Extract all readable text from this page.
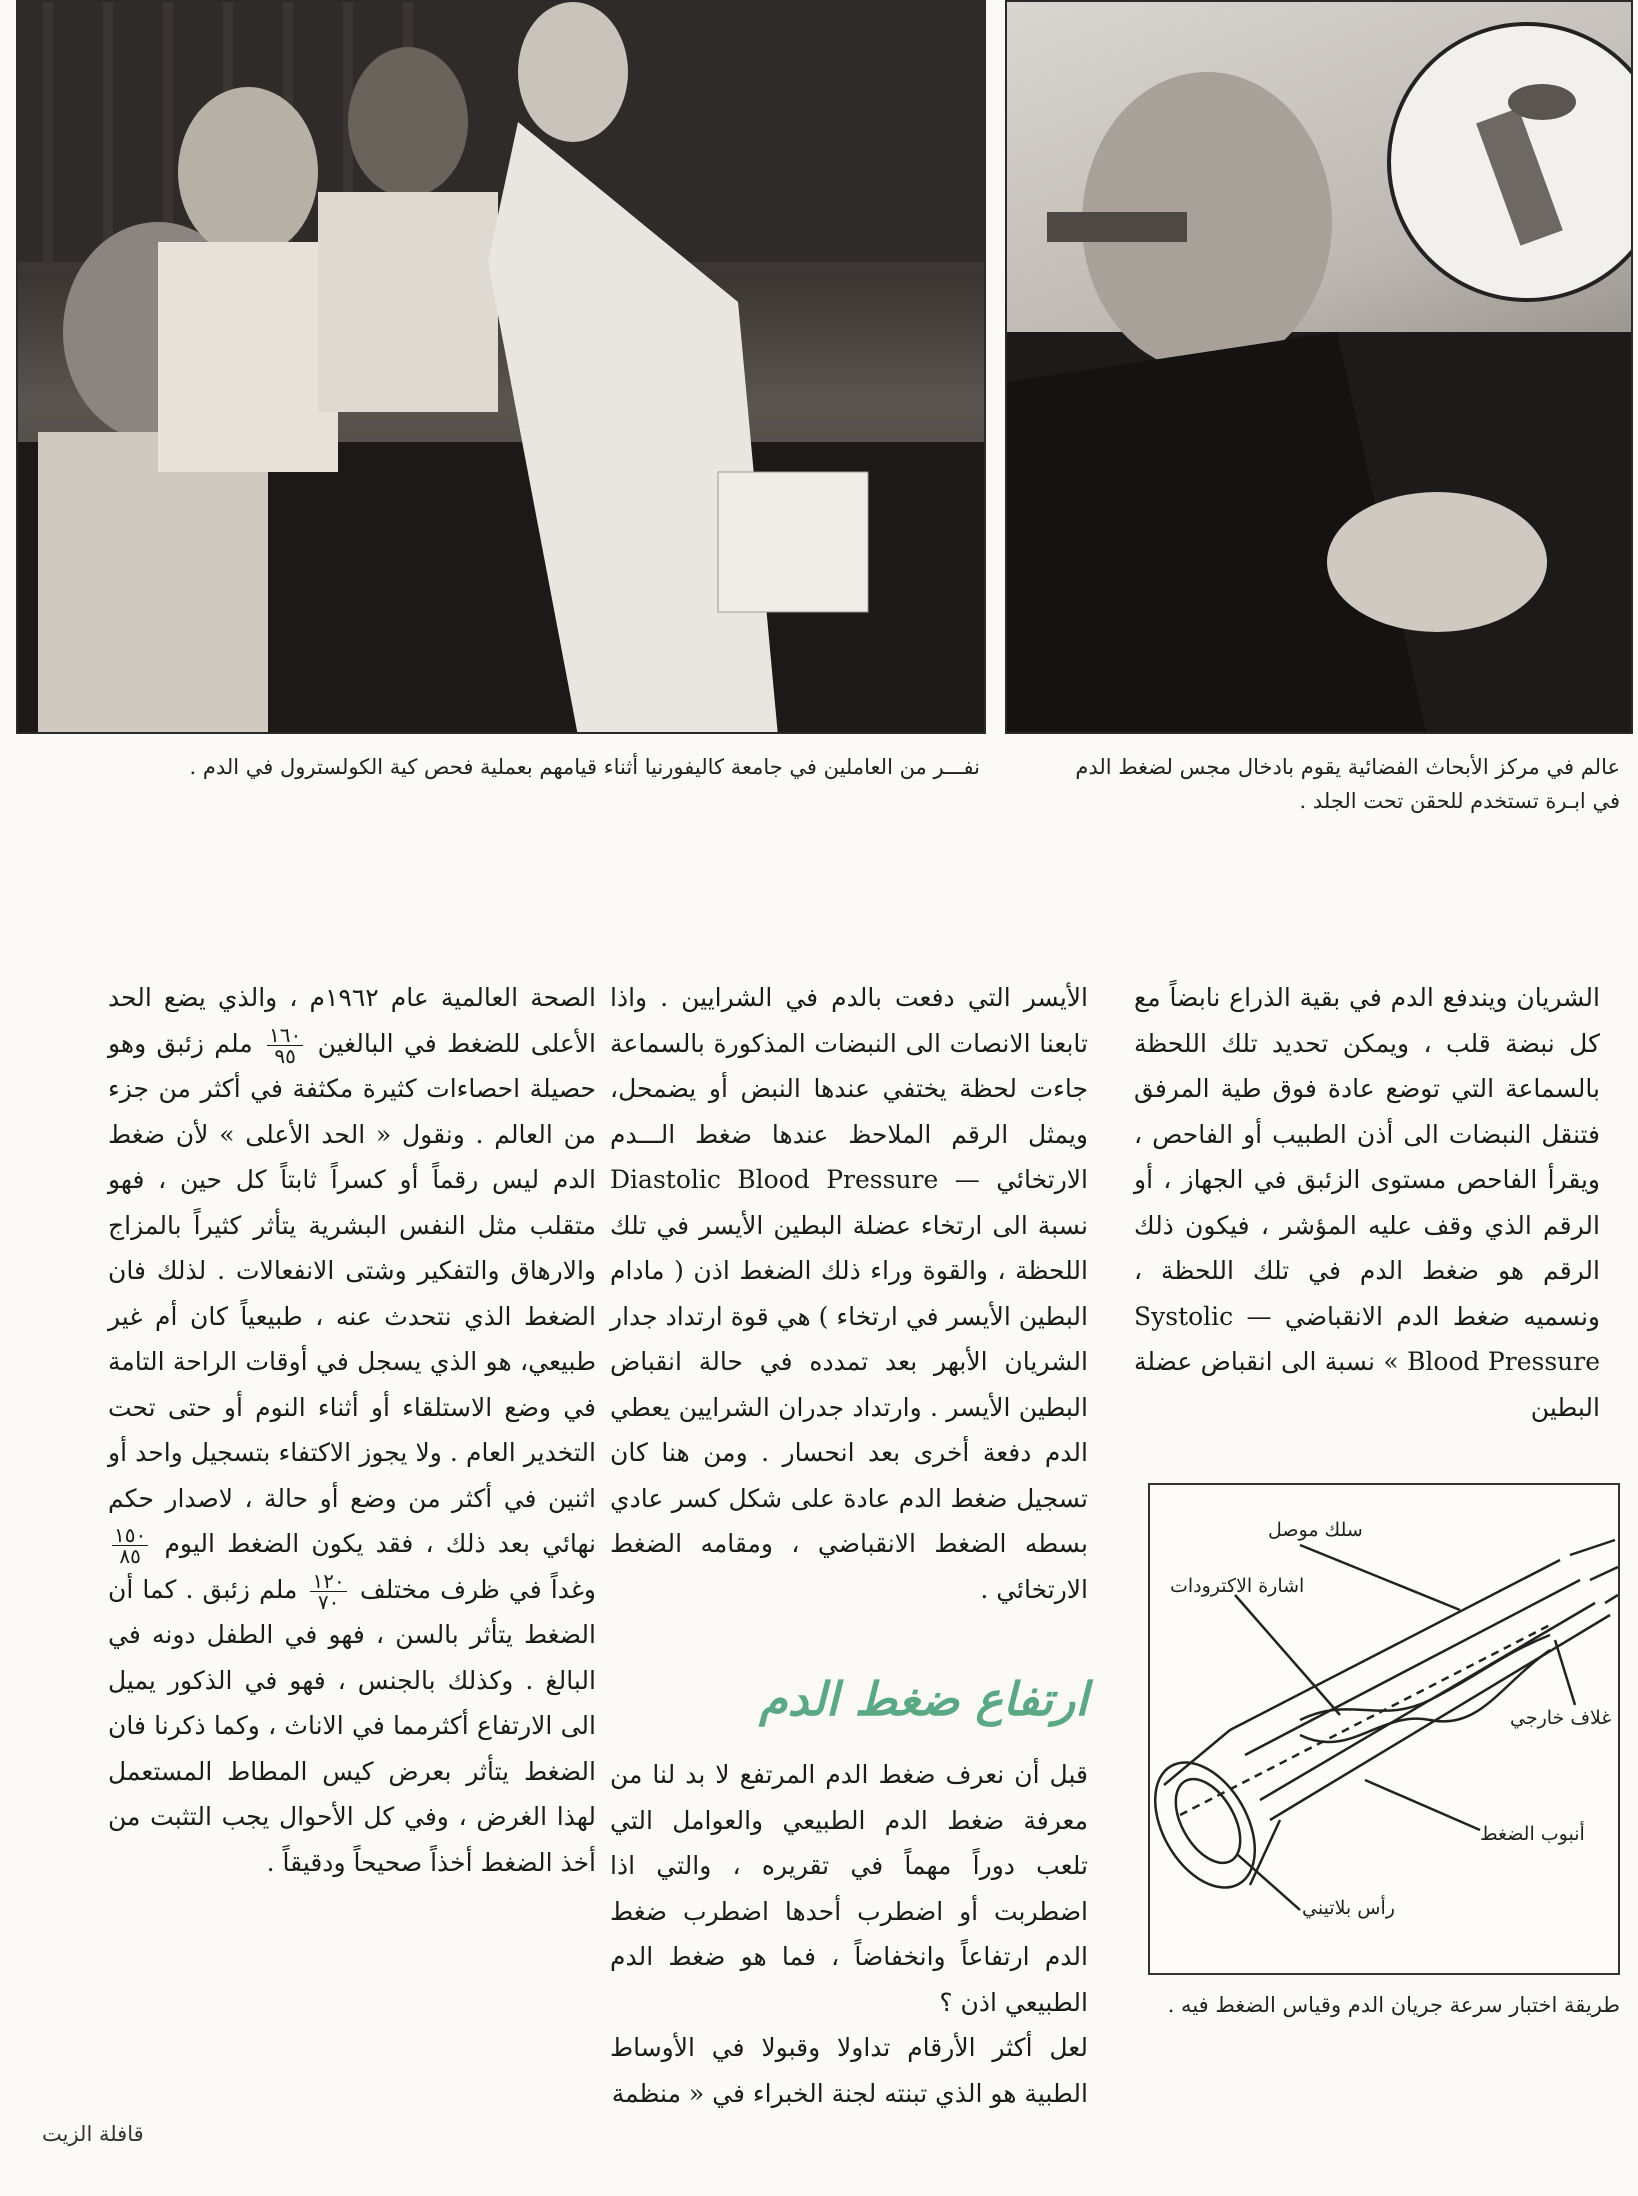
نفـــر من العاملين في جامعة كاليفورنيا أثناء قيامهم بعملية فحص كية الكولسترول في الدم .	عالم في مركز الأبحاث الفضائية يقوم بادخال مجس لضغط الدم
في ابـرة تستخدم للحقن تحت الجلد .

الشريان ويندفع الدم في بقية الذراع نابضاً مع كل نبضة قلب ، ويمكن تحديد تلك اللحظة بالسماعة التي توضع عادة فوق طية المرفق فتنقل النبضات الى أذن الطبيب أو الفاحص ، ويقرأ الفاحص مستوى الزئبق في الجهاز ، أو الرقم الذي وقف عليه المؤشر ، فيكون ذلك الرقم هو ضغط الدم في تلك اللحظة ، ونسميه ضغط الدم الانقباضي — Systolic Blood Pressure » نسبة الى انقباض عضلة البطين

الأيسر التي دفعت بالدم في الشرايين . واذا تابعنا الانصات الى النبضات المذكورة بالسماعة جاءت لحظة يختفي عندها النبض أو يضمحل، ويمثل الرقم الملاحظ عندها ضغط الـــدم الارتخائي — Diastolic Blood Pressure نسبة الى ارتخاء عضلة البطين الأيسر في تلك اللحظة ، والقوة وراء ذلك الضغط اذن ( مادام البطين الأيسر في ارتخاء ) هي قوة ارتداد جدار الشريان الأبهر بعد تمدده في حالة انقباض البطين الأيسر . وارتداد جدران الشرايين يعطي الدم دفعة أخرى بعد انحسار . ومن هنا كان تسجيل ضغط الدم عادة على شكل كسر عادي بسطه الضغط الانقباضي ، ومقامه الضغط الارتخائي .

ارتفاع ضغط الدم

قبل أن نعرف ضغط الدم المرتفع لا بد لنا من معرفة ضغط الدم الطبيعي والعوامل التي تلعب دوراً مهماً في تقريره ، والتي اذا اضطربت أو اضطرب أحدها اضطرب ضغط الدم ارتفاعاً وانخفاضاً ، فما هو ضغط الدم الطبيعي اذن ؟

لعل أكثر الأرقام تداولا وقبولا في الأوساط الطبية هو الذي تبنته لجنة الخبراء في « منظمة

الصحة العالمية عام ١٩٦٢م ، والذي يضع الحد الأعلى للضغط في البالغين
$\frac{١٦٠}{٩٥}$
ملم زئبق وهو حصيلة احصاءات كثيرة مكثفة في أكثر من جزء من العالم . ونقول « الحد الأعلى » لأن ضغط الدم ليس رقماً أو كسراً ثابتاً كل حين ، فهو متقلب مثل النفس البشرية يتأثر كثيراً بالمزاج والارهاق والتفكير وشتى الانفعالات . لذلك فان الضغط الذي نتحدث عنه ، طبيعياً كان أم غير طبيعي، هو الذي يسجل في أوقات الراحة التامة في وضع الاستلقاء أو أثناء النوم أو حتى تحت التخدير العام . ولا يجوز الاكتفاء بتسجيل واحد أو اثنين في أكثر من وضع أو حالة ، لاصدار حكم نهائي بعد ذلك ، فقد يكون الضغط اليوم
$\frac{١٥٠}{٨٥}$
وغداً في ظرف مختلف
$\frac{١٢٠}{٧٠}$
ملم زئبق . كما أن الضغط يتأثر بالسن ، فهو في الطفل دونه في البالغ . وكذلك بالجنس ، فهو في الذكور يميل الى الارتفاع أكثرمما في الاناث ، وكما ذكرنا فان الضغط يتأثر بعرض كيس المطاط المستعمل لهذا الغرض ، وفي كل الأحوال يجب التثبت من أخذ الضغط أخذاً صحيحاً ودقيقاً .

سلك موصل
اشارة الاكترودات
غلاف خارجي
أنبوب الضغط
رأس بلاتيني
طريقة اختبار سرعة جريان الدم وقياس الضغط فيه .
قافلة الزيت
